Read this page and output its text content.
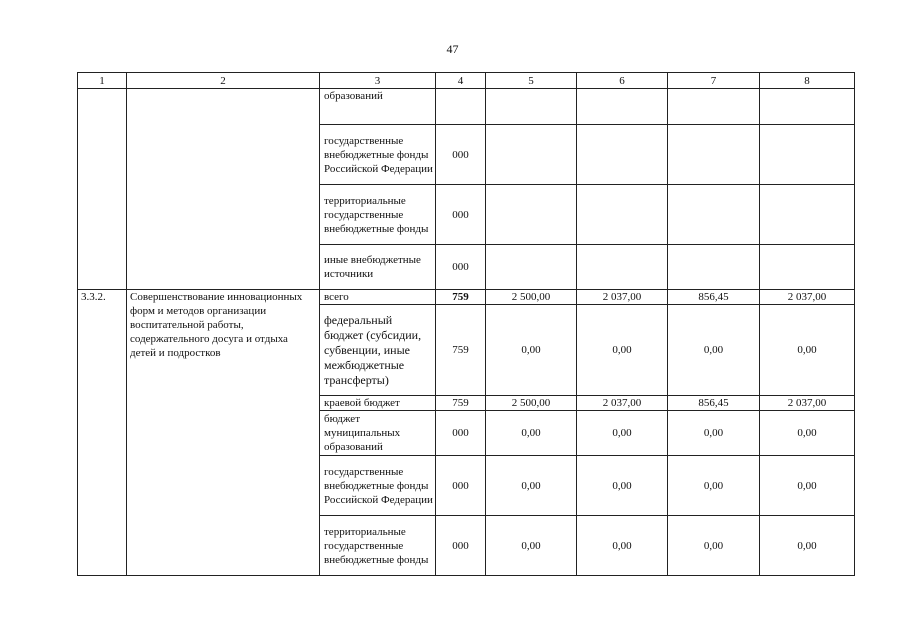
47
1	2	3	4	5	6	7	8
		образований					
		государственные внебюджетные фонды Российской Федерации	000				
		территориальные государственные внебюджетные фонды	000				
		иные внебюджетные источники	000				
3.3.2.	Совершенствование инновационных форм и методов организации воспитательной работы, содержательного досуга и отдыха детей и подростков	всего	759	2 500,00	2 037,00	856,45	2 037,00
		федеральный бюджет (субсидии, субвенции, иные межбюджетные трансферты)	759	0,00	0,00	0,00	0,00
		краевой бюджет	759	2 500,00	2 037,00	856,45	2 037,00
		бюджет муниципальных образований	000	0,00	0,00	0,00	0,00
		государственные внебюджетные фонды Российской Федерации	000	0,00	0,00	0,00	0,00
		территориальные государственные внебюджетные фонды	000	0,00	0,00	0,00	0,00
